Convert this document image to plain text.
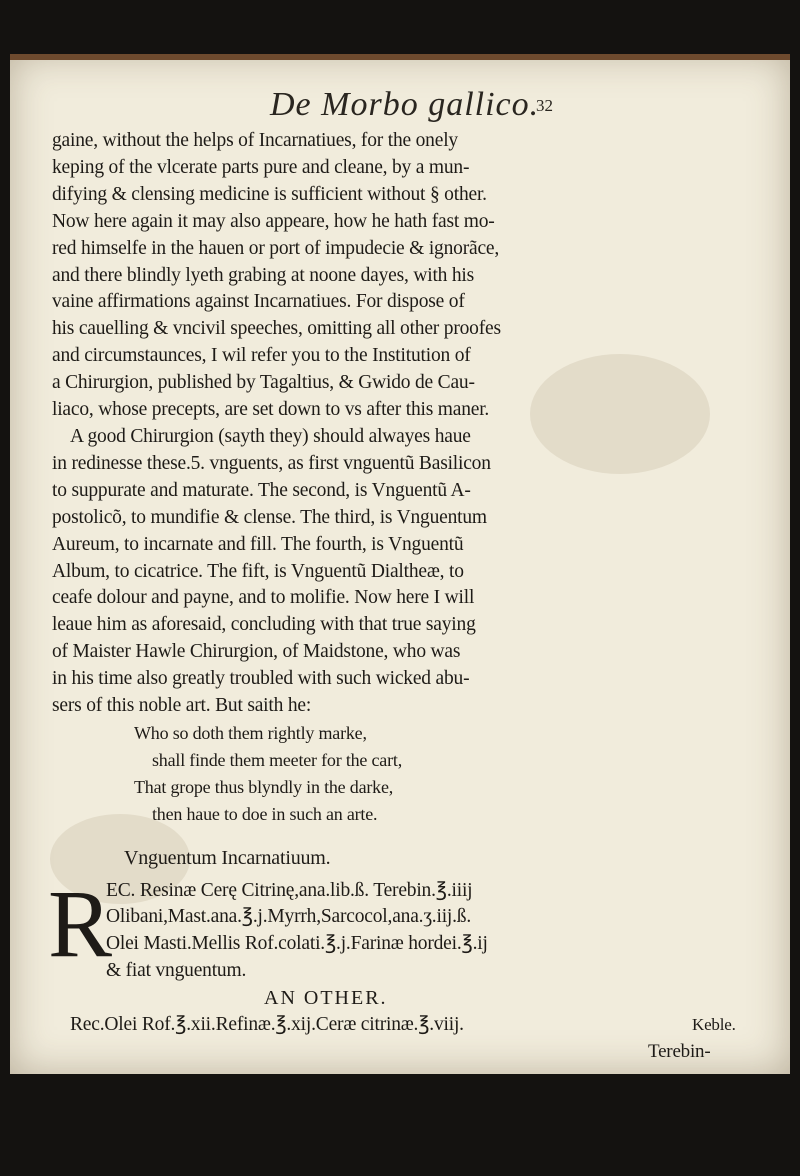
De Morbo gallico.
32
gaine, without the helps of Incarnatiues, for the onely
keping of the vlcerate parts pure and cleane, by a mun-
difying & clensing medicine is sufficient without § other.
Now here again it may also appeare, how he hath fast mo-
red himselfe in the hauen or port of impudecie & ignorãce,
and there blindly lyeth grabing at noone dayes, with his
vaine affirmations against Incarnatiues. For dispose of
his cauelling & vncivil speeches, omitting all other proofes
and circumstaunces, I wil refer you to the Institution of
a Chirurgion, published by Tagaltius, & Gwido de Cau-
liaco, whose precepts, are set down to vs after this maner.
A good Chirurgion (sayth they) should alwayes haue
in redinesse these.5. vnguents, as first vnguentũ Basilicon
to suppurate and maturate. The second, is Vnguentũ A-
postolicõ, to mundifie & clense. The third, is Vnguentum
Aureum, to incarnate and fill. The fourth, is Vnguentũ
Album, to cicatrice. The fift, is Vnguentũ Dialtheæ, to
ceafe dolour and payne, and to molifie. Now here I will
leaue him as aforesaid, concluding with that true saying
of Maister Hawle Chirurgion, of Maidstone, who was
in his time also greatly troubled with such wicked abu-
sers of this noble art. But saith he:
Who so doth them rightly marke,
shall finde them meeter for the cart,
That grope thus blyndly in the darke,
then haue to doe in such an arte.
Vnguentum Incarnatiuum.
R
EC. Resinæ Cerę Citrinę,ana.lib.ß. Terebin.℥.iiij
Olibani,Mast.ana.℥.j.Myrrh,Sarcocol,ana.ʒ.iij.ß.
Olei Masti.Mellis Rof.colati.℥.j.Farinæ hordei.℥.ij
& fiat vnguentum.
AN OTHER.
Rec.Olei Rof.℥.xii.Refinæ.℥.xij.Ceræ citrinæ.℥.viij.	Keble.
Terebin-
